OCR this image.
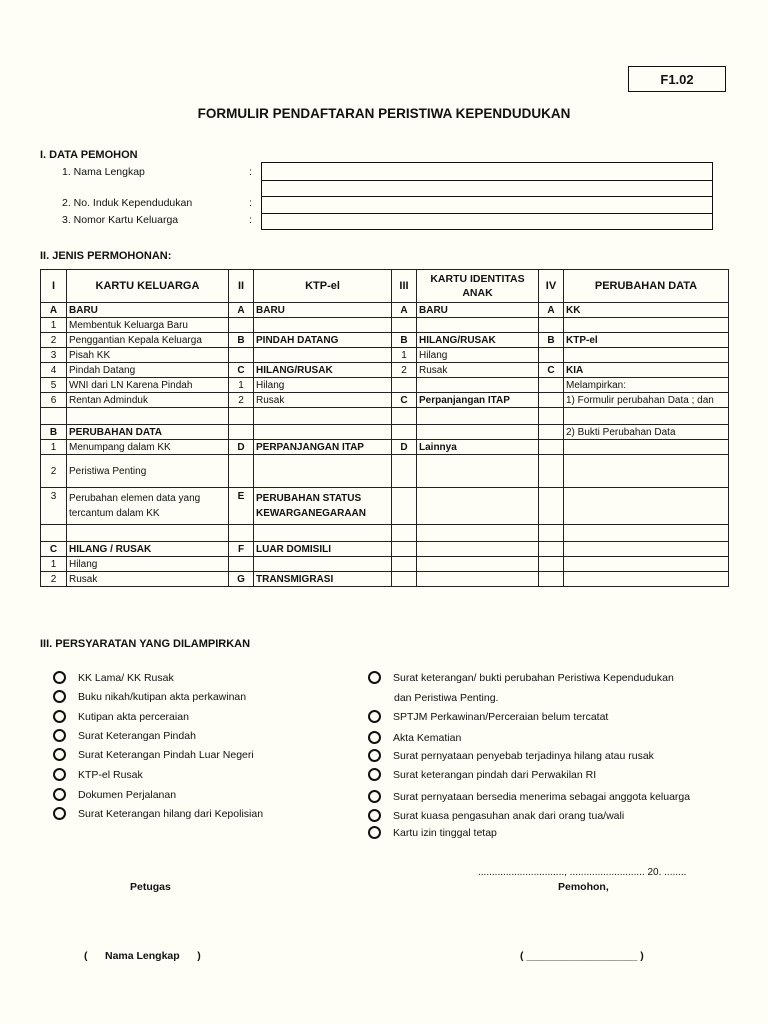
F1.02
FORMULIR PENDAFTARAN PERISTIWA KEPENDUDUKAN
I. DATA PEMOHON
1. Nama Lengkap	:
2. No. Induk Kependudukan	:
3. Nomor Kartu Keluarga	:
II. JENIS PERMOHONAN:
I	KARTU KELUARGA	II	KTP-el	III	KARTU IDENTITAS ANAK	IV	PERUBAHAN DATA
A	BARU	A	BARU	A	BARU	A	KK
1	Membentuk Keluarga Baru						
2	Penggantian Kepala Keluarga	B	PINDAH DATANG	B	HILANG/RUSAK	B	KTP-el
3	Pisah KK			1	Hilang		
4	Pindah Datang	C	HILANG/RUSAK	2	Rusak	C	KIA
5	WNI dari LN Karena Pindah	1	Hilang				Melampirkan:
6	Rentan Adminduk	2	Rusak	C	Perpanjangan ITAP		1) Formulir perubahan Data ; dan

B	PERUBAHAN DATA						2) Bukti Perubahan Data
1	Menumpang dalam KK	D	PERPANJANGAN ITAP	D	Lainnya		
2	Peristiwa Penting						
3	Perubahan elemen data yang tercantum dalam KK	E	PERUBAHAN STATUS KEWARGANEGARAAN				

C	HILANG / RUSAK	F	LUAR DOMISILI				
1	Hilang						
2	Rusak	G	TRANSMIGRASI				
III. PERSYARATAN YANG DILAMPIRKAN
KK Lama/ KK Rusak
Buku nikah/kutipan akta perkawinan
Kutipan akta perceraian
Surat Keterangan Pindah
Surat Keterangan Pindah Luar Negeri
KTP-el Rusak
Dokumen Perjalanan
Surat Keterangan hilang dari Kepolisian
Surat keterangan/ bukti perubahan Peristiwa Kependudukan
dan Peristiwa Penting.
SPTJM Perkawinan/Perceraian belum tercatat
Akta Kematian
Surat pernyataan penyebab terjadinya hilang atau rusak
Surat keterangan pindah dari Perwakilan RI
Surat pernyataan bersedia menerima sebagai anggota keluarga
Surat kuasa pengasuhan anak dari orang tua/wali
Kartu izin tinggal tetap
..............................., ........................... 20. ........
Petugas	Pemohon,
(      Nama Lengkap      )	( ___________________ )
